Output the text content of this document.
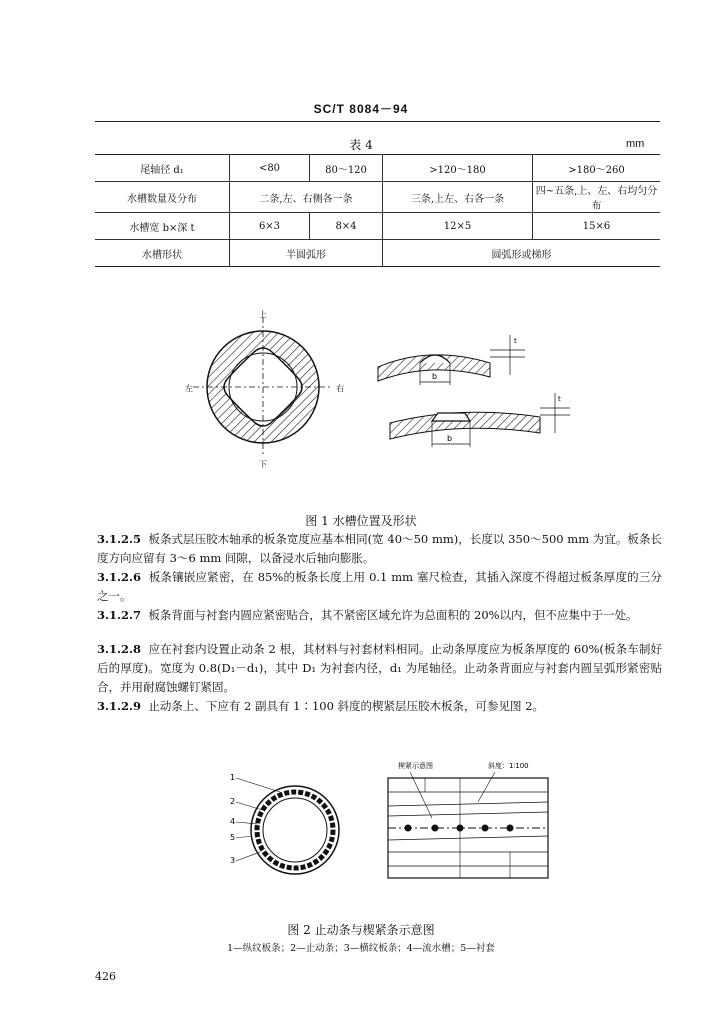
SC/T 8084－94
表 4	mm
尾轴径 d₁	<80	80～120	>120～180	>180～260
水槽数量及分布	二条,左、右侧各一条		三条,上左、右各一条	四~五条,上、左、右均匀分布
水槽宽 b×深 t	6×3	8×4	12×5	15×6
水槽形状	半圆弧形		圆弧形或梯形	
上
下
左	右
b
t
b
t
图 1 水槽位置及形状
3.1.2.5 板条式层压胶木轴承的板条宽度应基本相同(宽 40～50 mm)，长度以 350～500 mm 为宜。板条长度方向应留有 3～6 mm 间隙，以备浸水后轴向膨胀。
3.1.2.6 板条镶嵌应紧密，在 85%的板条长度上用 0.1 mm 塞尺检查，其插入深度不得超过板条厚度的三分之一。
3.1.2.7 板条背面与衬套内圆应紧密贴合，其不紧密区域允许为总面积的 20%以内，但不应集中于一处。
3.1.2.8 应在衬套内设置止动条 2 根，其材料与衬套材料相同。止动条厚度应为板条厚度的 60%(板条车制好后的厚度)。宽度为 0.8(D₁－d₁)，其中 D₁ 为衬套内径，d₁ 为尾轴径。止动条背面应与衬套内圆呈弧形紧密贴合，并用耐腐蚀螺钉紧固。
3.1.2.9 止动条上、下应有 2 副具有 1∶100 斜度的楔紧层压胶木板条，可参见图 2。
1
2
4
5
3
楔紧示意图	斜度：1∶100
图 2 止动条与楔紧条示意图
1—纵纹板条；2—止动条；3—横纹板条；4—流水槽；5—衬套
426
